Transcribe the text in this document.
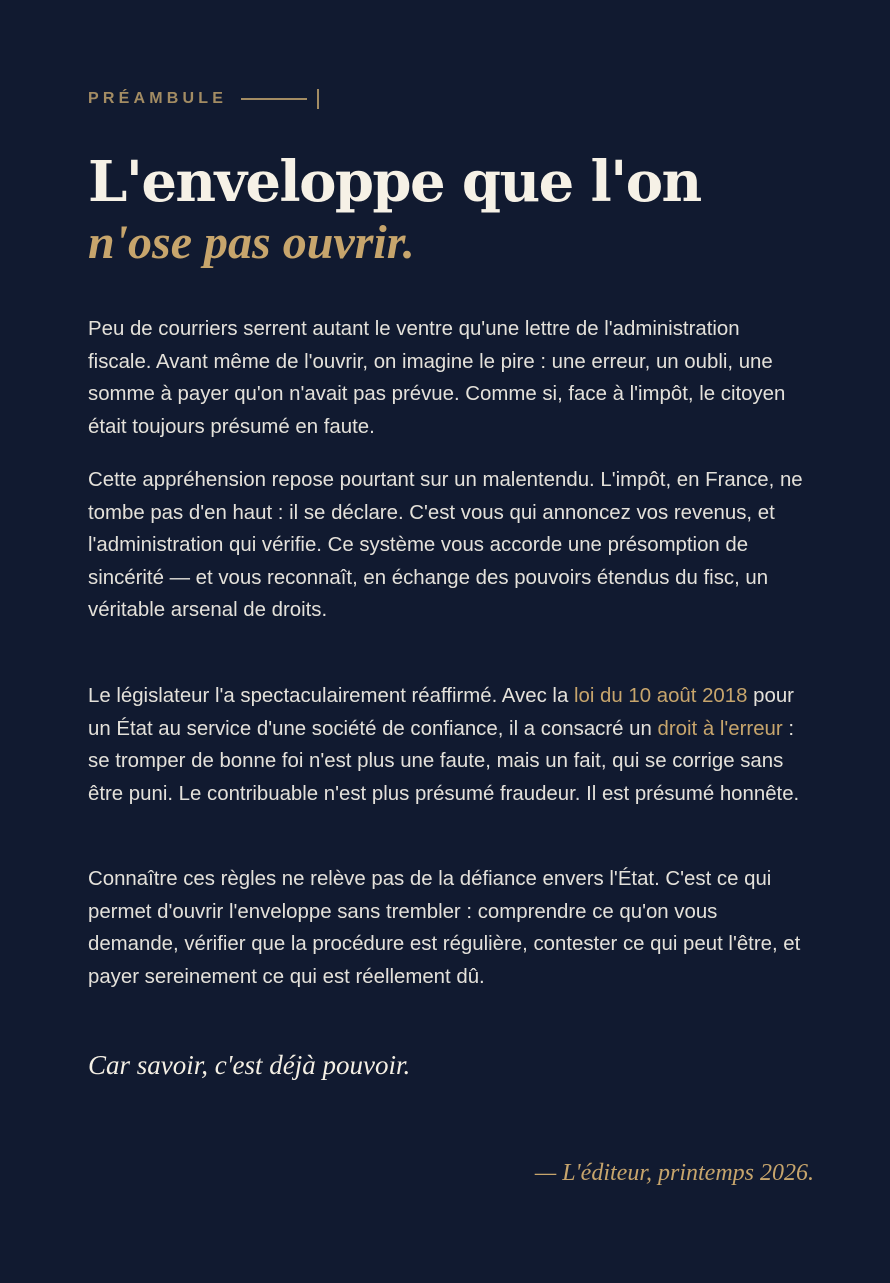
PRÉAMBULE
L'enveloppe que l'on
n'ose pas ouvrir.

Peu de courriers serrent autant le ventre qu'une lettre de l'administration fiscale. Avant même de l'ouvrir, on imagine le pire : une erreur, un oubli, une somme à payer qu'on n'avait pas prévue. Comme si, face à l'impôt, le citoyen était toujours présumé en faute.

Cette appréhension repose pourtant sur un malentendu. L'impôt, en France, ne tombe pas d'en haut : il se déclare. C'est vous qui annoncez vos revenus, et l'administration qui vérifie. Ce système vous accorde une présomption de sincérité — et vous reconnaît, en échange des pouvoirs étendus du fisc, un véritable arsenal de droits.

Le législateur l'a spectaculairement réaffirmé. Avec la loi du 10 août 2018 pour un État au service d'une société de confiance, il a consacré un droit à l'erreur : se tromper de bonne foi n'est plus une faute, mais un fait, qui se corrige sans être puni. Le contribuable n'est plus présumé fraudeur. Il est présumé honnête.

Connaître ces règles ne relève pas de la défiance envers l'État. C'est ce qui permet d'ouvrir l'enveloppe sans trembler : comprendre ce qu'on vous demande, vérifier que la procédure est régulière, contester ce qui peut l'être, et payer sereinement ce qui est réellement dû.

Car savoir, c'est déjà pouvoir.

— L'éditeur, printemps 2026.
